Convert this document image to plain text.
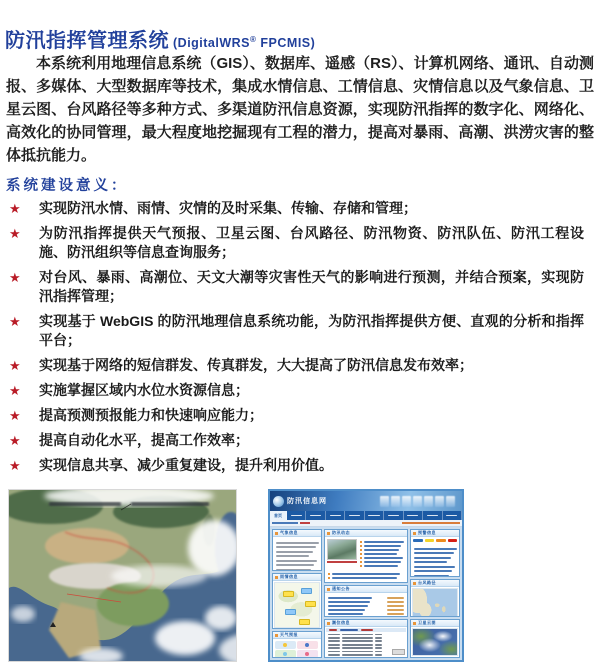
防汛指挥管理系统 (DigitalWRS® FPCMIS)

本系统利用地理信息系统（GIS）、数据库、遥感（RS）、计算机网络、通讯、自动测报、多媒体、大型数据库等技术，集成水情信息、工情信息、灾情信息以及气象信息、卫星云图、台风路径等多种方式、多渠道防汛信息资源，实现防汛指挥的数字化、网络化、高效化的协同管理，最大程度地挖掘现有工程的潜力，提高对暴雨、高潮、洪涝灾害的整体抵抗能力。

系统建设意义：
★	实现防汛水情、雨情、灾情的及时采集、传输、存储和管理；
★	为防汛指挥提供天气预报、卫星云图、台风路径、防汛物资、防汛队伍、防汛工程设施、防汛组织等信息查询服务；
★	对台风、暴雨、高潮位、天文大潮等灾害性天气的影响进行预测，并结合预案，实现防汛指挥管理；
★	实现基于 WebGIS 的防汛地理信息系统功能，为防汛指挥提供方便、直观的分析和指挥平台；
★	实现基于网络的短信群发、传真群发，大大提高了防汛信息发布效率；
★	实施掌握区域内水位水资源信息；
★	提高预测预报能力和快速响应能力；
★	提高自动化水平，提高工作效率；
★	实现信息共享、减少重复建设，提升利用价值。
防汛信息网
首页
气象信息
雨情信息
天气预报
防汛动态
通知公告
潮位信息
预警信息
台风路径
卫星云图
